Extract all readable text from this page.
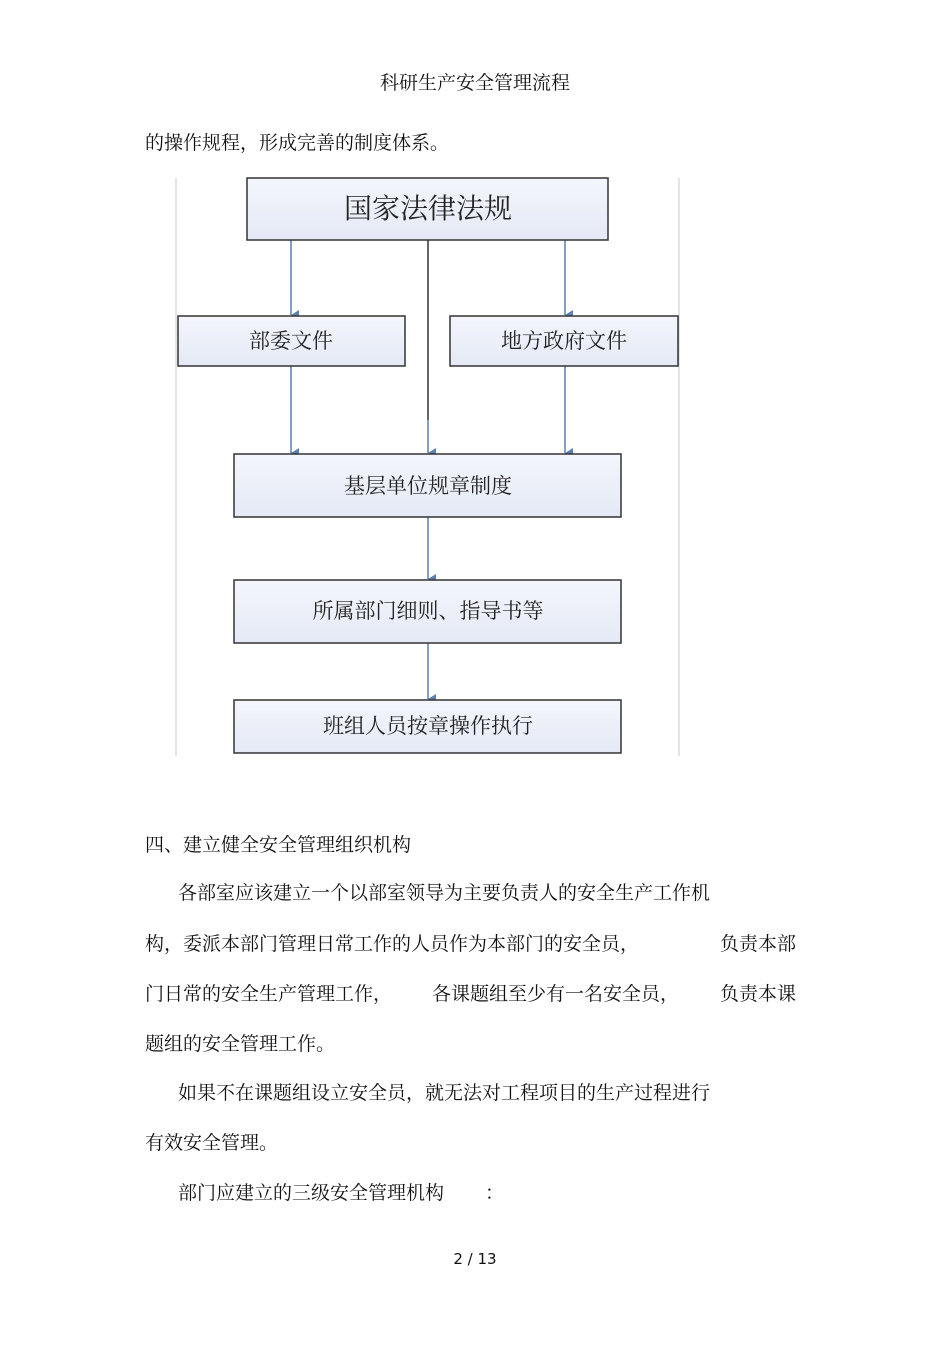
科研生产安全管理流程
的操作规程，形成完善的制度体系。
国家法律法规
部委文件	地方政府文件
基层单位规章制度
所属部门细则、指导书等
班组人员按章操作执行
四、建立健全安全管理组织机构
各部室应该建立一个以部室领导为主要负责人的安全生产工作机
构，委派本部门管理日常工作的人员作为本部门的安全员，	负责本部
门日常的安全生产管理工作， 各课题组至少有一名安全员， 负责本课
题组的安全管理工作。
如果不在课题组设立安全员，就无法对工程项目的生产过程进行
有效安全管理。
部门应建立的三级安全管理机构 ：
2 / 13
